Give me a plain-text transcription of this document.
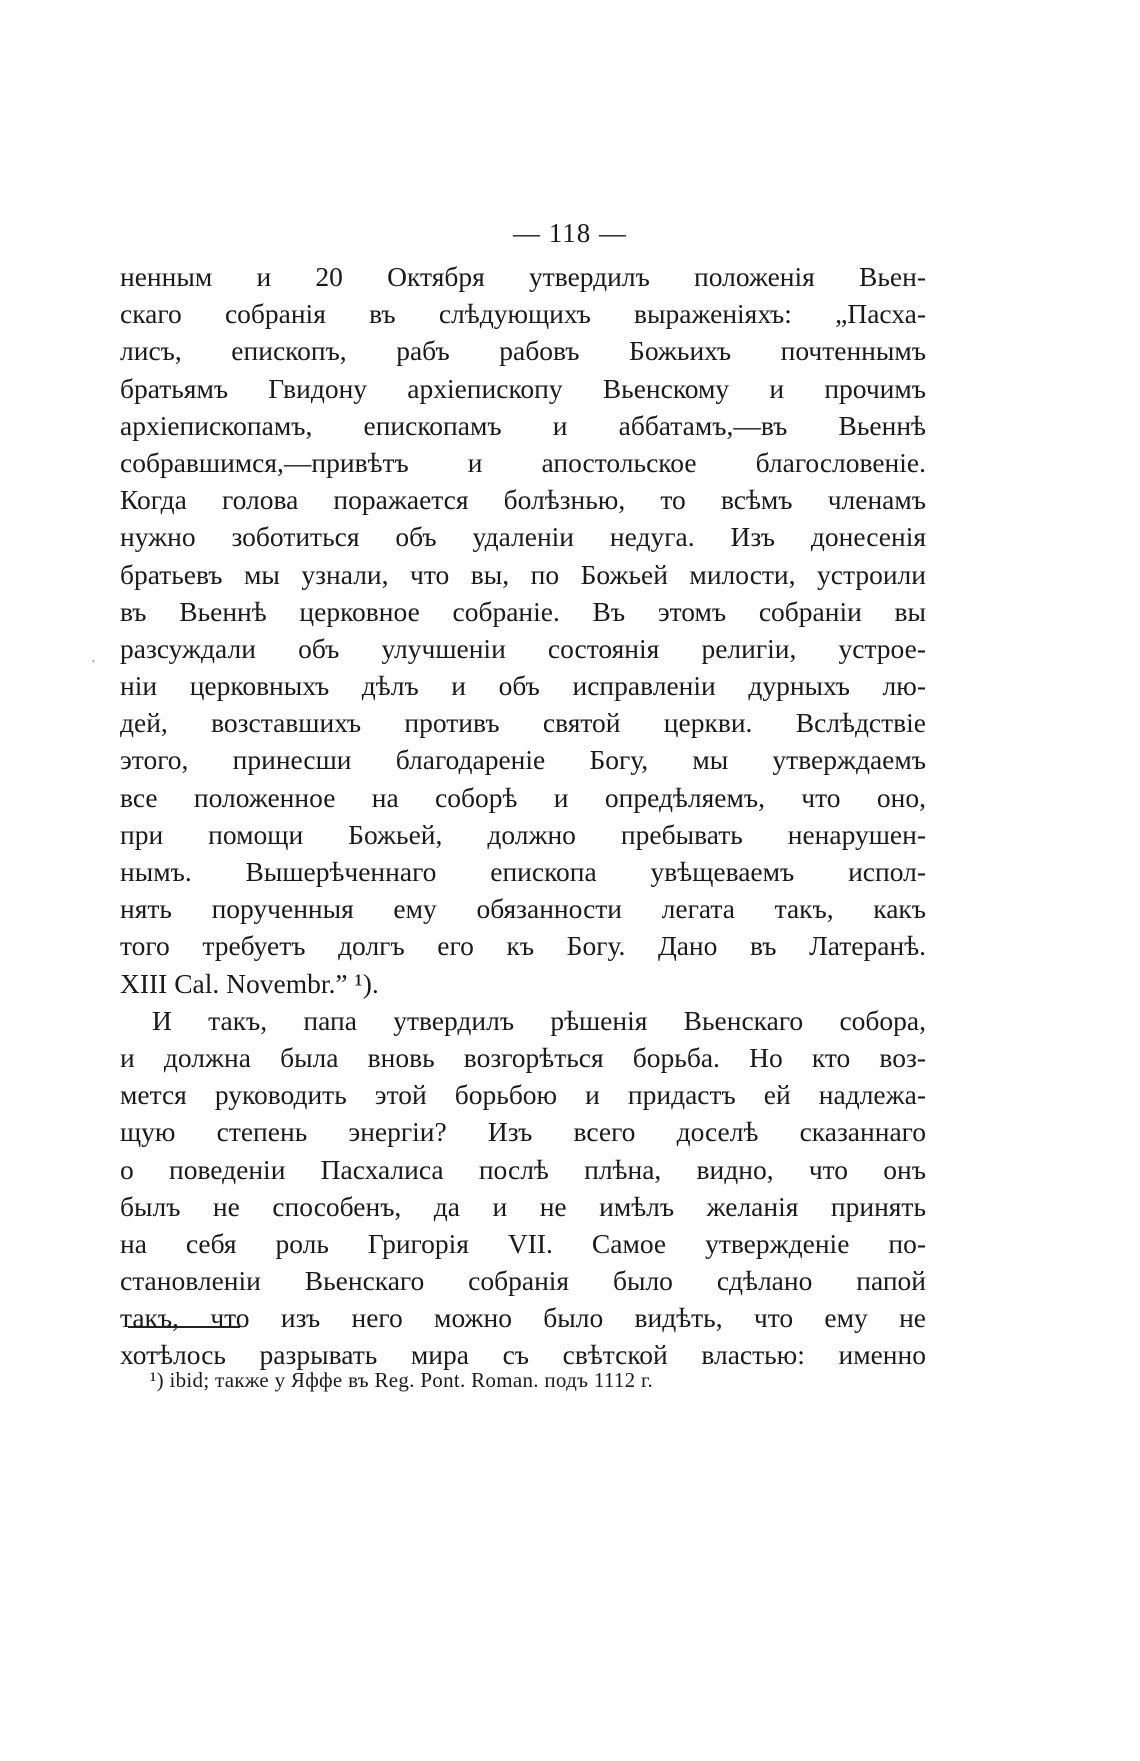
— 118 —
ненным и 20 Октября утвердилъ положенія Вьен-
скаго собранія въ слѣдующихъ выраженіяхъ: „Пасха-
лисъ, епископъ, рабъ рабовъ Божьихъ почтеннымъ
братьямъ Гвидону архіепископу Вьенскому и прочимъ
архіепископамъ, епископамъ и аббатамъ,—въ Вьеннѣ
собравшимся,—привѣтъ и апостольское благословеніе.
Когда голова поражается болѣзнью, то всѣмъ членамъ
нужно зоботиться объ удаленіи недуга. Изъ донесенія
братьевъ мы узнали, что вы, по Божьей милости, устроили
въ Вьеннѣ церковное собраніе. Въ этомъ собраніи вы
разсуждали объ улучшеніи состоянія религіи, устрое-
ніи церковныхъ дѣлъ и объ исправленіи дурныхъ лю-
дей, возставшихъ противъ святой церкви. Вслѣдствіе
этого, принесши благодареніе Богу, мы утверждаемъ
все положенное на соборѣ и опредѣляемъ, что оно,
при помощи Божьей, должно пребывать ненарушен-
нымъ. Вышерѣченнаго епископа увѣщеваемъ испол-
нять порученныя ему обязанности легата такъ, какъ
того требуетъ долгъ его къ Богу. Дано въ Латеранѣ.
XIII Cal. Novembr.” ¹).
И такъ, папа утвердилъ рѣшенія Вьенскаго собора,
и должна была вновь возгорѣться борьба. Но кто воз-
мется руководить этой борьбою и придастъ ей надлежа-
щую степень энергіи? Изъ всего доселѣ сказаннаго
о поведеніи Пасхалиса послѣ плѣна, видно, что онъ
былъ не способенъ, да и не имѣлъ желанія принять
на себя роль Григорія VII. Самое утвержденіе по-
становленіи Вьенскаго собранія было сдѣлано папой
такъ, что изъ него можно было видѣть, что ему не
хотѣлось разрывать мира съ свѣтской властью: именно
,
¹) ibid; также у Яффе въ Reg. Pont. Roman. подъ 1112 г.
